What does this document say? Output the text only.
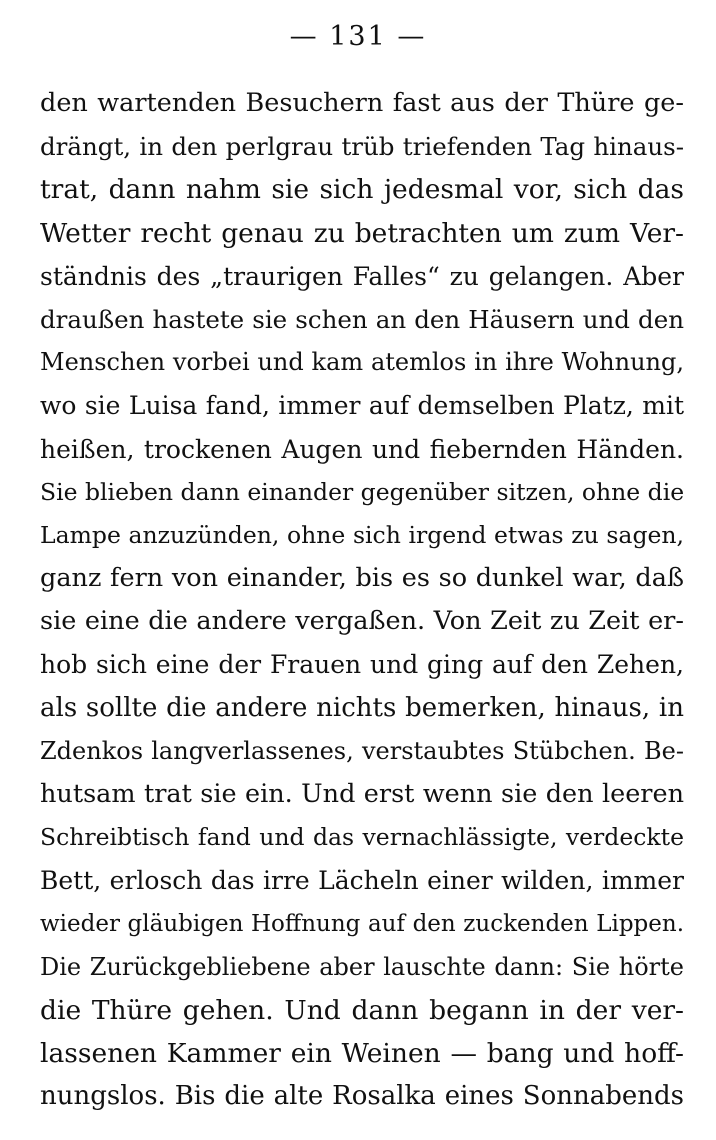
— 131 —
den wartenden Besuchern fast aus der Thüre ge-
drängt, in den perlgrau trüb triefenden Tag hinaus-
trat, dann nahm sie sich jedesmal vor, sich das
Wetter recht genau zu betrachten um zum Ver-
ständnis des „traurigen Falles“ zu gelangen. Aber
draußen hastete sie schen an den Häusern und den
Menschen vorbei und kam atemlos in ihre Wohnung,
wo sie Luisa fand, immer auf demselben Platz, mit
heißen, trockenen Augen und fiebernden Händen.
Sie blieben dann einander gegenüber sitzen, ohne die
Lampe anzuzünden, ohne sich irgend etwas zu sagen,
ganz fern von einander, bis es so dunkel war, daß
sie eine die andere vergaßen. Von Zeit zu Zeit er-
hob sich eine der Frauen und ging auf den Zehen,
als sollte die andere nichts bemerken, hinaus, in
Zdenkos langverlassenes, verstaubtes Stübchen. Be-
hutsam trat sie ein. Und erst wenn sie den leeren
Schreibtisch fand und das vernachlässigte, verdeckte
Bett, erlosch das irre Lächeln einer wilden, immer
wieder gläubigen Hoffnung auf den zuckenden Lippen.
Die Zurückgebliebene aber lauschte dann: Sie hörte
die Thüre gehen. Und dann begann in der ver-
lassenen Kammer ein Weinen — bang und hoff-
nungslos. Bis die alte Rosalka eines Sonnabends
